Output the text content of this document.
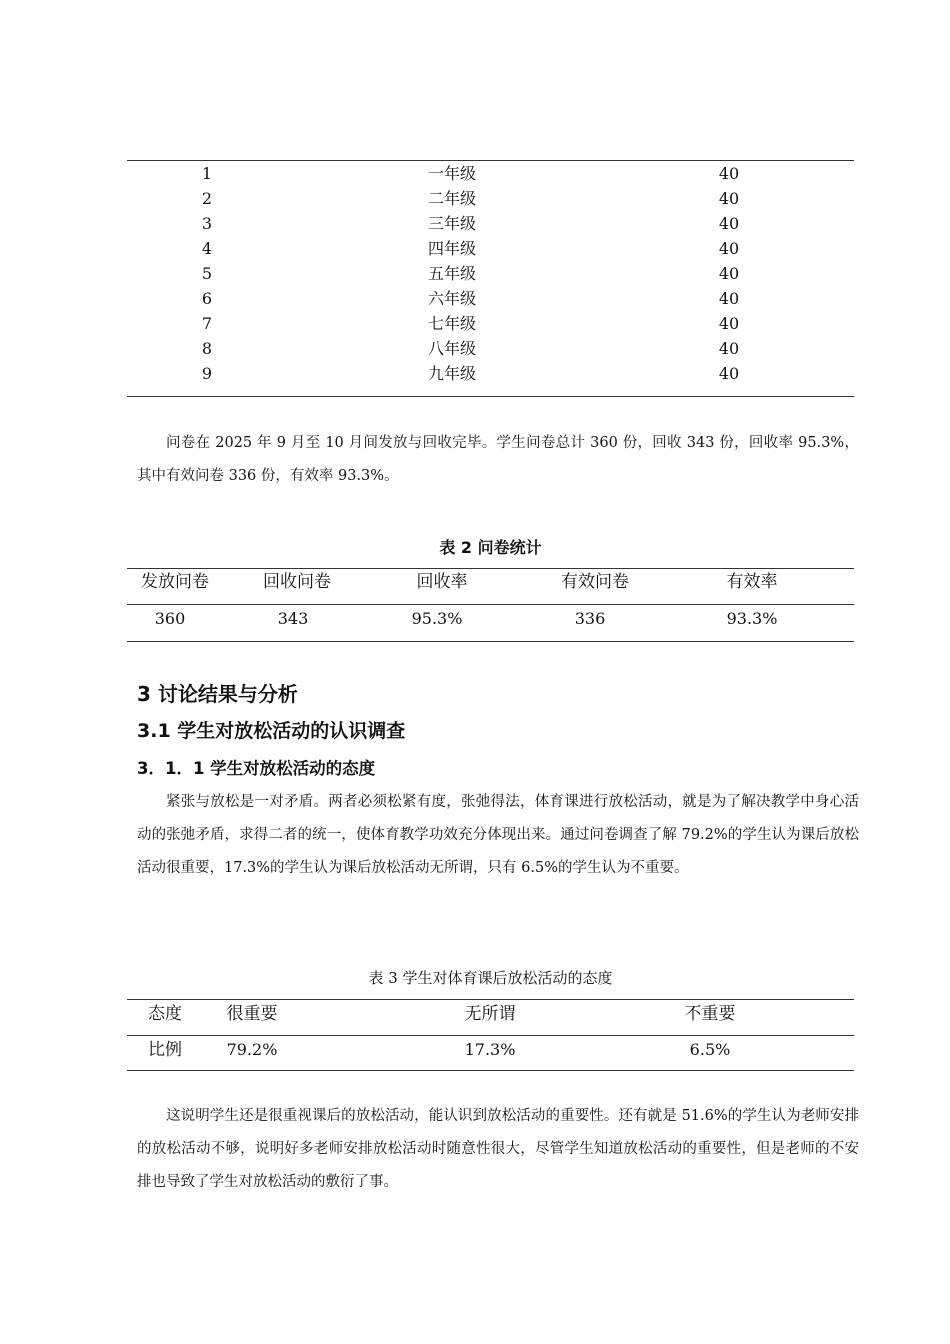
1	一年级	40
2	二年级	40
3	三年级	40
4	四年级	40
5	五年级	40
6	六年级	40
7	七年级	40
8	八年级	40
9	九年级	40

问卷在 2025 年 9 月至 10 月间发放与回收完毕。学生问卷总计 360 份，回收 343 份，回收率 95.3%，其中有效问卷 336 份，有效率 93.3%。

表 2 问卷统计

发放问卷	回收问卷	回收率	有效问卷	有效率
360	343	95.3%	336	93.3%
3 讨论结果与分析
3.1 学生对放松活动的认识调查
3．1．1 学生对放松活动的态度

紧张与放松是一对矛盾。两者必须松紧有度，张弛得法，体育课进行放松活动，就是为了解决教学中身心活动的张弛矛盾，求得二者的统一，使体育教学功效充分体现出来。通过问卷调查了解 79.2%的学生认为课后放松活动很重要，17.3%的学生认为课后放松活动无所谓，只有 6.5%的学生认为不重要。

表 3 学生对体育课后放松活动的态度

态度	很重要	无所谓	不重要
比例	79.2%	17.3%	6.5%

这说明学生还是很重视课后的放松活动，能认识到放松活动的重要性。还有就是 51.6%的学生认为老师安排的放松活动不够，说明好多老师安排放松活动时随意性很大，尽管学生知道放松活动的重要性，但是老师的不安排也导致了学生对放松活动的敷衍了事。
